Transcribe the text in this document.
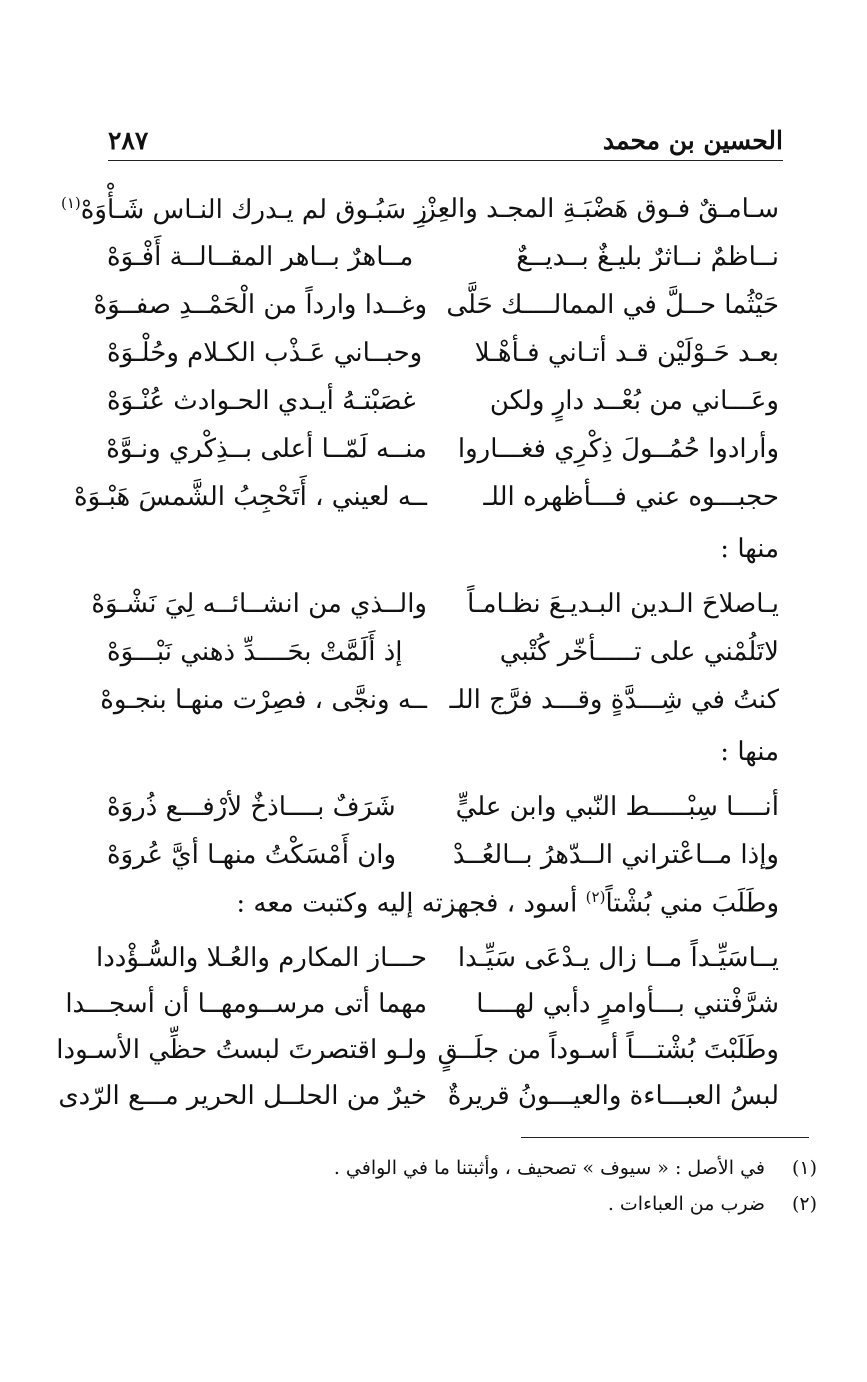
الحسين بن محمد
٢٨٧
سـامـقٌ فـوق هَضْبَـةِ المجـد والعِزْ
زِ سَبُـوق لم يـدرك النـاس شَـأْوَهْ$^{(١)}$
نــاظمٌ نــاثرٌ بليـغٌ بــديــعٌ
مــاهرٌ بــاهر المقــالــة أَفْـوَهْ
حَيْثُما حــلَّ في الممالــــك حَلَّى
وغــدا وارداً من الْحَمْــدِ صفــوَهْ
بعـد حَـوْلَيْن قـد أتـاني فـأهْـلا
وحبــاني عَـذْب الكـلام وحُلْـوَهْ
وعَـــاني من بُعْــد دارٍ ولكن
غصَبْتـهُ أيـدي الحـوادث عُنْـوَهْ
وأرادوا حُمُــولَ ذِكْرِي فغـــاروا
منــه لَمّــا أعلى بــذِكْري ونـوَّهْ
حجبـــوه عني فـــأظهره اللـ
ــه لعيني ، أَتَحْجِبُ الشَّمسَ هَبْـوَهْ
منها :
يـاصلاحَ الـدين البـديـعَ نظـامـاً
والــذي من انشــائــه لِيَ نَشْـوَهْ
لاتَلُمْني على تـــــأخّر كُتْبي
إذ أَلَمَّتْ بحَــــدِّ ذهني نَبْـــوَهْ
كنتُ في شِـــدَّةٍ وقـــد فرَّج اللـ
ــه ونجَّى ، فصِرْت منهـا بنجـوهْ
منها :
أنــــا سِبْـــــط النّبي وابن عليٍّ
شَرَفٌ بــــاذخٌ لأرْفـــع ذُروَهْ
وإذا مــاعْتراني الــدّهرُ بــالعُــدْ
وان أَمْسَكْتُ منهـا أيَّ عُروَهْ
وطَلَبَ مني بُشْتاً$^{(٢)}$ أسود ، فجهزته إليه وكتبت معه :
يــاسَيِّـداً مــا زال يـدْعَى سَيِّـدا
حـــاز المكارم والعُـلا والسُّـؤْددا
شرَّفْتني بـــأوامرٍ دأبي لهــــا
مهما أتى مرســومهــا أن أسجـــدا
وطَلَبْتَ بُشْتـــاً أسـوداً من جلَــقٍ
ولـو اقتصرتَ لبستُ حظِّي الأسـودا
لبسُ العبـــاءة والعيـــونُ قريرةٌ
خيرٌ من الحلــل الحرير مـــع الرّدى
(١)في الأصل : « سيوف » تصحيف ، وأثبتنا ما في الوافي .
(٢)ضرب من العباءات .
